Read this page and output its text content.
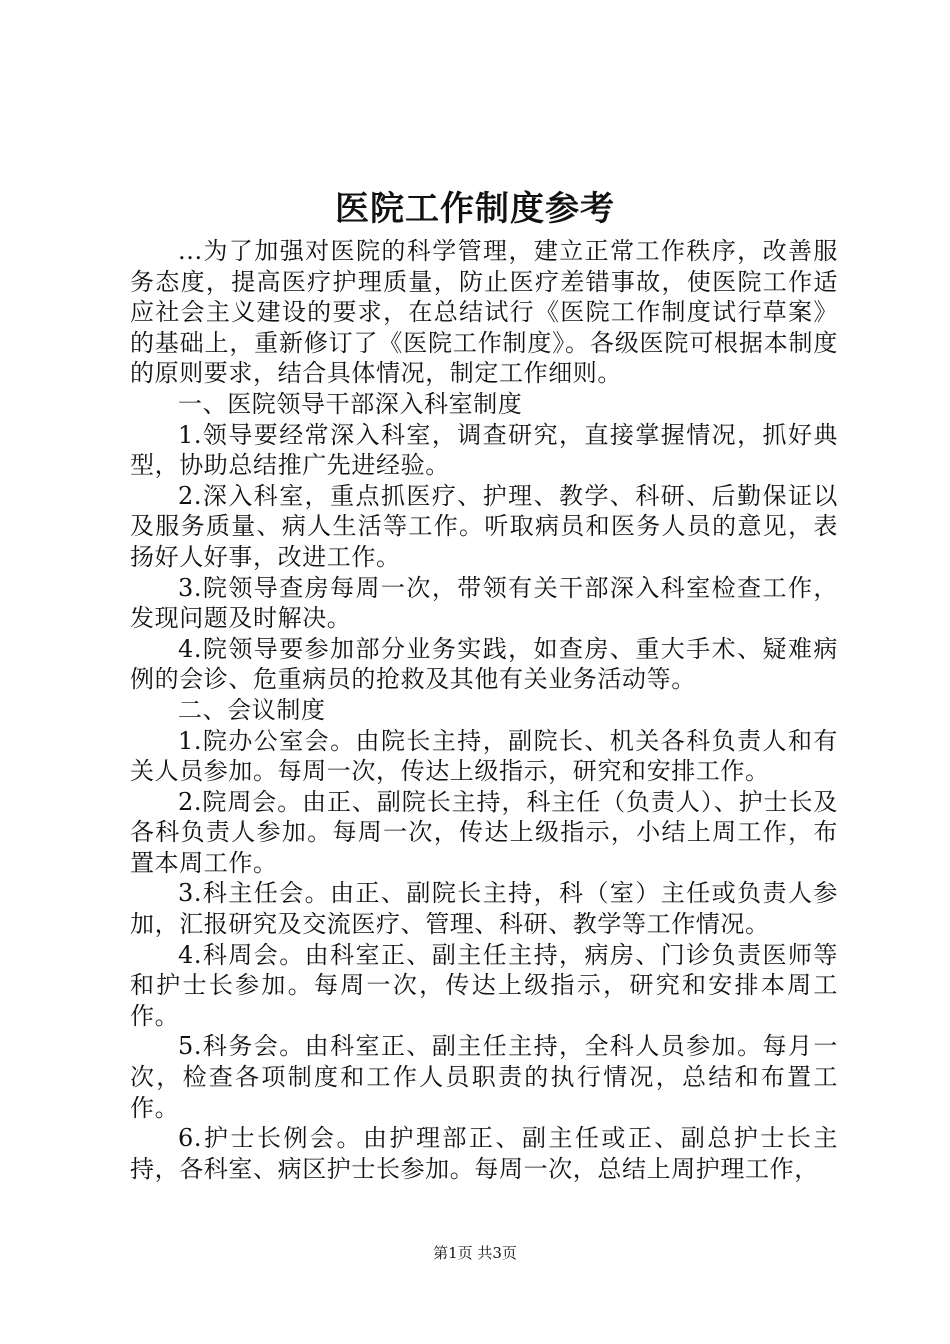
医院工作制度参考

...为了加强对医院的科学管理，建立正常工作秩序，改善服务态度，提高医疗护理质量，防止医疗差错事故，使医院工作适应社会主义建设的要求，在总结试行《医院工作制度试行草案》的基础上，重新修订了《医院工作制度》。各级医院可根据本制度的原则要求，结合具体情况，制定工作细则。

一、医院领导干部深入科室制度

1.领导要经常深入科室，调查研究，直接掌握情况，抓好典型，协助总结推广先进经验。

2.深入科室，重点抓医疗、护理、教学、科研、后勤保证以及服务质量、病人生活等工作。听取病员和医务人员的意见，表扬好人好事，改进工作。

3.院领导查房每周一次，带领有关干部深入科室检查工作，发现问题及时解决。

4.院领导要参加部分业务实践，如查房、重大手术、疑难病例的会诊、危重病员的抢救及其他有关业务活动等。

二、会议制度

1.院办公室会。由院长主持，副院长、机关各科负责人和有关人员参加。每周一次，传达上级指示，研究和安排工作。

2.院周会。由正、副院长主持，科主任（负责人）、护士长及各科负责人参加。每周一次，传达上级指示，小结上周工作，布置本周工作。

3.科主任会。由正、副院长主持，科（室）主任或负责人参加，汇报研究及交流医疗、管理、科研、教学等工作情况。

4.科周会。由科室正、副主任主持，病房、门诊负责医师等和护士长参加。每周一次，传达上级指示，研究和安排本周工作。

5.科务会。由科室正、副主任主持，全科人员参加。每月一次，检查各项制度和工作人员职责的执行情况，总结和布置工作。

6.护士长例会。由护理部正、副主任或正、副总护士长主持，各科室、病区护士长参加。每周一次，总结上周护理工作，

第1页 共3页
